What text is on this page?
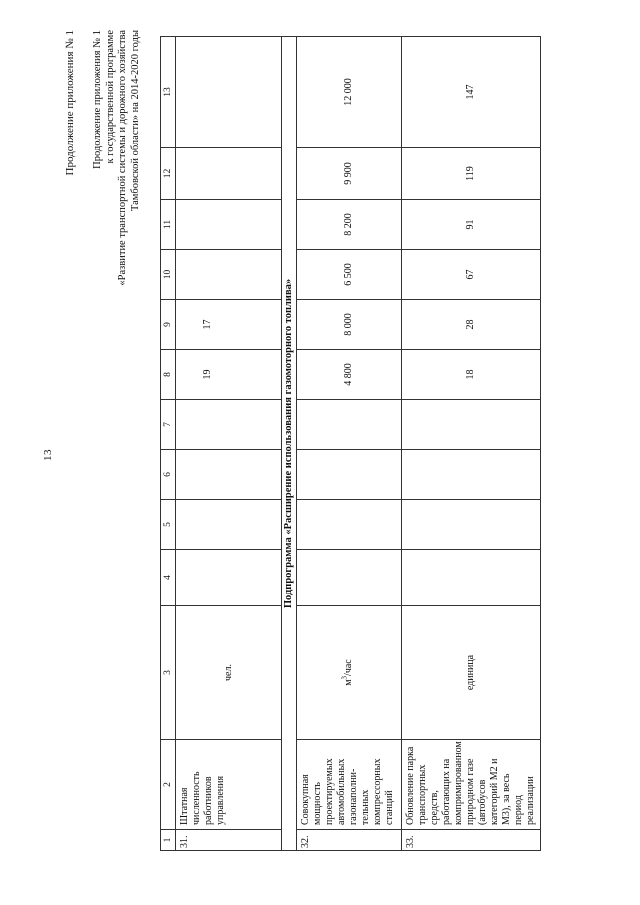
13
Продолжение приложения № 1 Продолжение приложения № 1 к государственной программе «Развитие транспортной системы и дорожного хозяйства Тамбовской области» на 2014-2020 годы
1	2	3	4	5	6	7	8	9	10	11	12	13
31.	Штатная численность работников управления	чел.					19	17				
Подпрограмма «Расширение использования газомоторного топлива»												
32.	Совокупная мощность проектируемых автомобильных газонаполни-тельных компрессорных станций	$м^3$/час					4 800	8 000	6 500	8 200	9 900	12 000
33.	Обновление парка транспортных средств, работающих на компримированном природном газе (автобусов категорий М2 и М3), за весь период реализации	единица					18	28	67	91	119	147
